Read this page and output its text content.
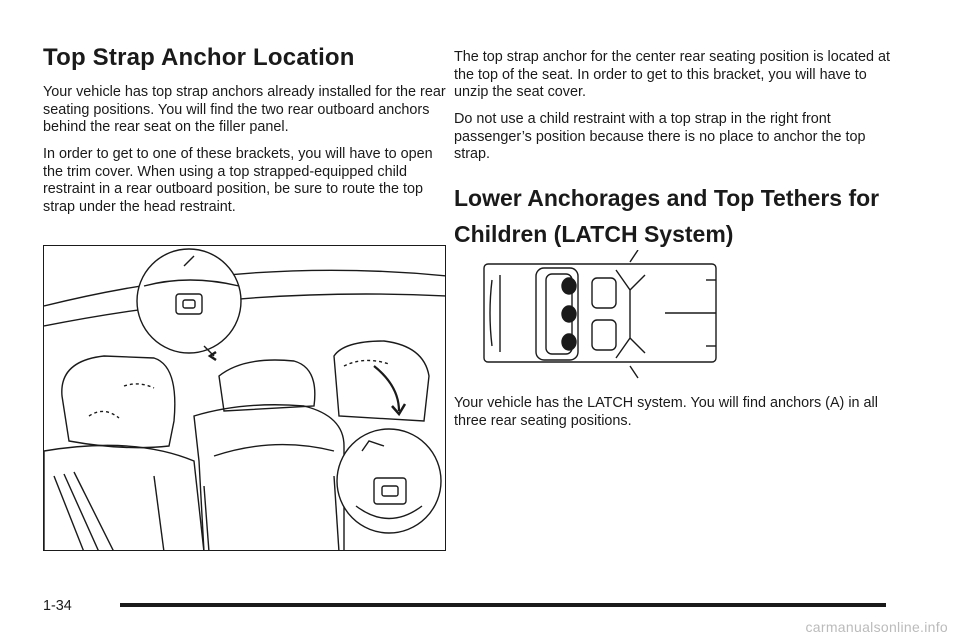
Top Strap Anchor Location

Your vehicle has top strap anchors already installed for the rear seating positions. You will find the two rear outboard anchors behind the rear seat on the filler panel.

In order to get to one of these brackets, you will have to open the trim cover. When using a top strapped-equipped child restraint in a rear outboard position, be sure to route the top strap under the head restraint.

The top strap anchor for the center rear seating position is located at the top of the seat. In order to get to this bracket, you will have to unzip the seat cover.

Do not use a child restraint with a top strap in the right front passenger’s position because there is no place to anchor the top strap.

Lower Anchorages and Top Tethers for Children (LATCH System)

Your vehicle has the LATCH system. You will find anchors (A) in all three rear seating positions.

1-34
carmanualsonline.info
